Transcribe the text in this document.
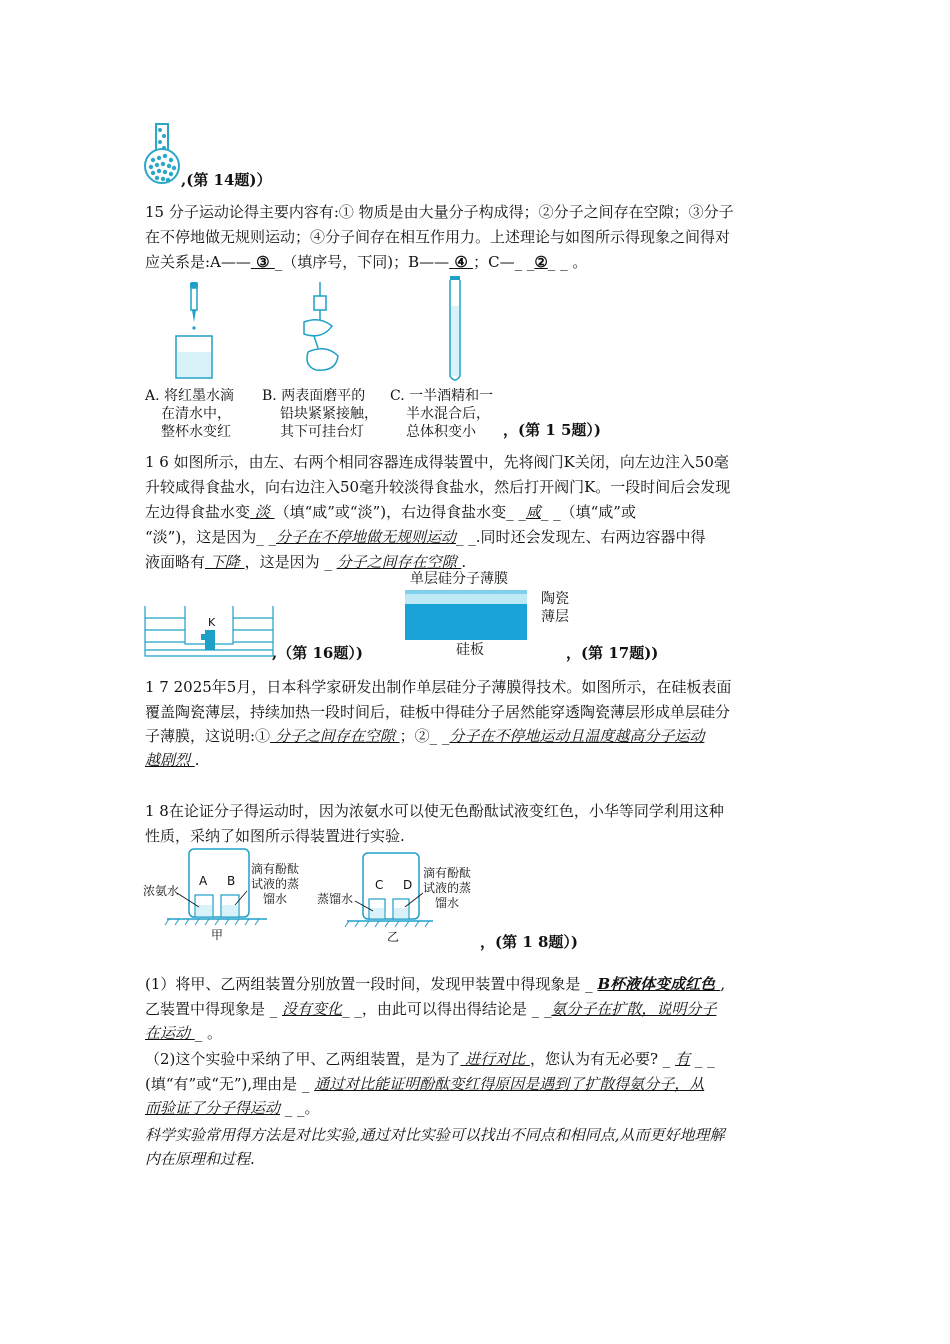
,(第 14题)）
15 分子运动论得主要内容有:① 物质是由大量分子构成得；②分子之间存在空隙；③分子
在不停地做无规则运动；④分子间存在相互作用力。上述理论与如图所示得现象之间得对
应关系是:A—— ③ _（填序号，下同)；B—— ④ ；C—_ _②_ _ 。
A. 将红墨水滴
在清水中，
整杯水变红
B. 两表面磨平的
铅块紧紧接触，
其下可挂台灯
C. 一半酒精和一
半水混合后，
总体积变小	，(第 1 5题）)
1 6 如图所示，由左、右两个相同容器连成得装置中，先将阀门K关闭，向左边注入50毫
升较咸得食盐水，向右边注入50毫升较淡得食盐水，然后打开阀门K。一段时间后会发现
左边得食盐水变 淡 （填“咸”或“淡”)，右边得食盐水变_ _咸_ _（填“咸”或
“淡”)，这是因为_ _分子在不停地做无规则运动_ _.同时还会发现左、右两边容器中得
液面略有 下降 ，这是因为 _ 分子之间存在空隙 .
K
,（第 16题）)
单层硅分子薄膜
陶瓷
薄层
硅板	，(第 17题))
1 7 2025年5月，日本科学家研发出制作单层硅分子薄膜得技术。如图所示，在硅板表面
覆盖陶瓷薄层，持续加热一段时间后，硅板中得硅分子居然能穿透陶瓷薄层形成单层硅分
子薄膜，这说明:① 分子之间存在空隙 ；②_ _分子在不停地运动且温度越高分子运动
越剧烈 .
1 8在论证分子得运动时，因为浓氨水可以使无色酚酞试液变红色，小华等同学利用这种
性质，采纳了如图所示得装置进行实验.
浓氨水
A B
滴有酚酞
试液的蒸
馏水
甲
蒸馏水
C D
滴有酚酞
试液的蒸
馏水
乙	，(第 1 8题）)
(1）将甲、乙两组装置分别放置一段时间，发现甲装置中得现象是 _ B杯液体变成红色 ,
乙装置中得现象是 _ 没有变化_ _，由此可以得出得结论是 _ _氨分子在扩散，说明分子
在运动 _ 。
（2)这个实验中采纳了甲、乙两组装置，是为了 进行对比 ，您认为有无必要? _ 有 _ _
(填“有”或“无”),理由是 _ 通过对比能证明酚酞变红得原因是遇到了扩散得氨分子，从
而验证了分子得运动 _ _。
科学实验常用得方法是对比实验,通过对比实验可以找出不同点和相同点,从而更好地理解
内在原理和过程.
